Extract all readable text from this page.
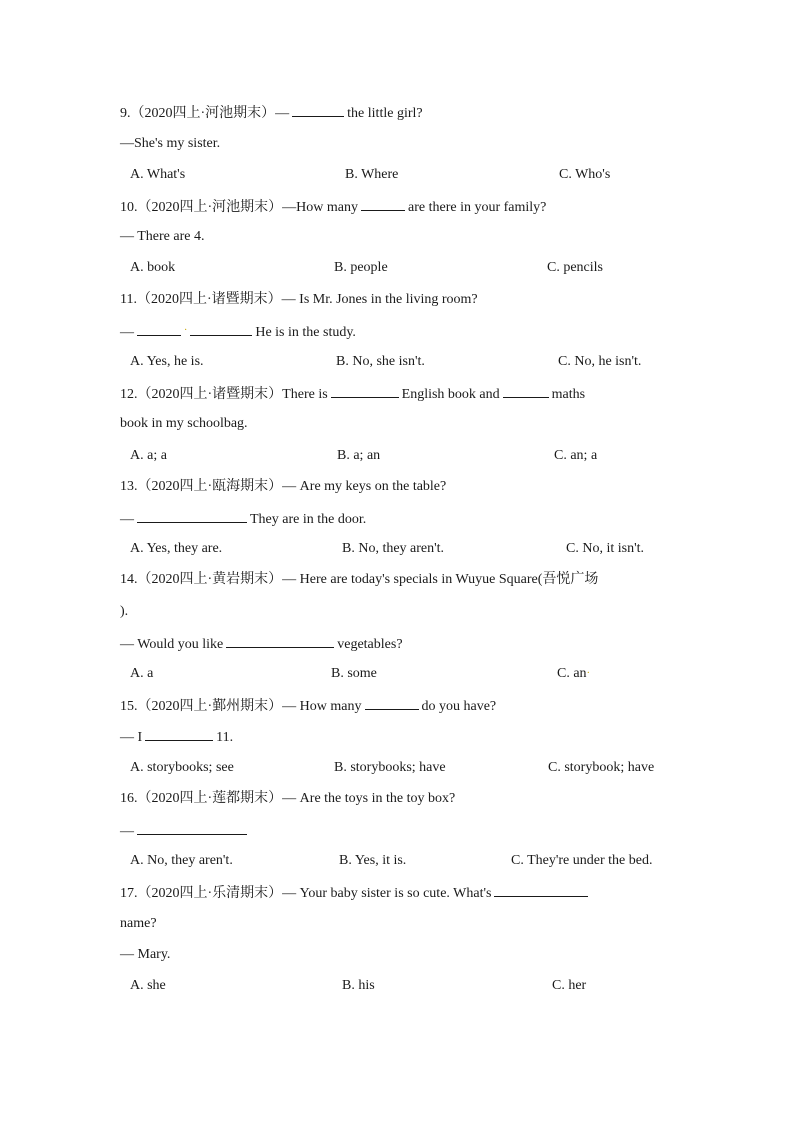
9.（2020四上·河池期末）—	the little girl?
—She's my sister.
A. What's	B. Where	C. Who's
10.（2020四上·河池期末）—How many	are there in your family?
— There are 4.
A. book	B. people	C. pencils
11.（2020四上·诸暨期末）— Is Mr. Jones in the living room?
—	·	He is in the study.
A. Yes, he is.	B. No, she isn't.	C. No, he isn't.
12.（2020四上·诸暨期末）There is	English book and	maths
book in my schoolbag.
A. a; a	B. a; an	C. an; a
13.（2020四上·瓯海期末）— Are my keys on the table?
—	They are in the door.
A. Yes, they are.	B. No, they aren't.	C. No, it isn't.
14.（2020四上·黄岩期末）— Here are today's specials in Wuyue Square(吾悦广场
).
— Would you like	vegetables?
A. a	B. some	C. an·
15.（2020四上·鄞州期末）— How many	do you have?
— I	11.
A. storybooks; see	B. storybooks; have	C. storybook; have
16.（2020四上·莲都期末）— Are the toys in the toy box?
—
A. No, they aren't.	B. Yes, it is.	C. They're under the bed.
17.（2020四上·乐清期末）— Your baby sister is so cute. What's
name?
— Mary.
A. she	B. his	C. her
